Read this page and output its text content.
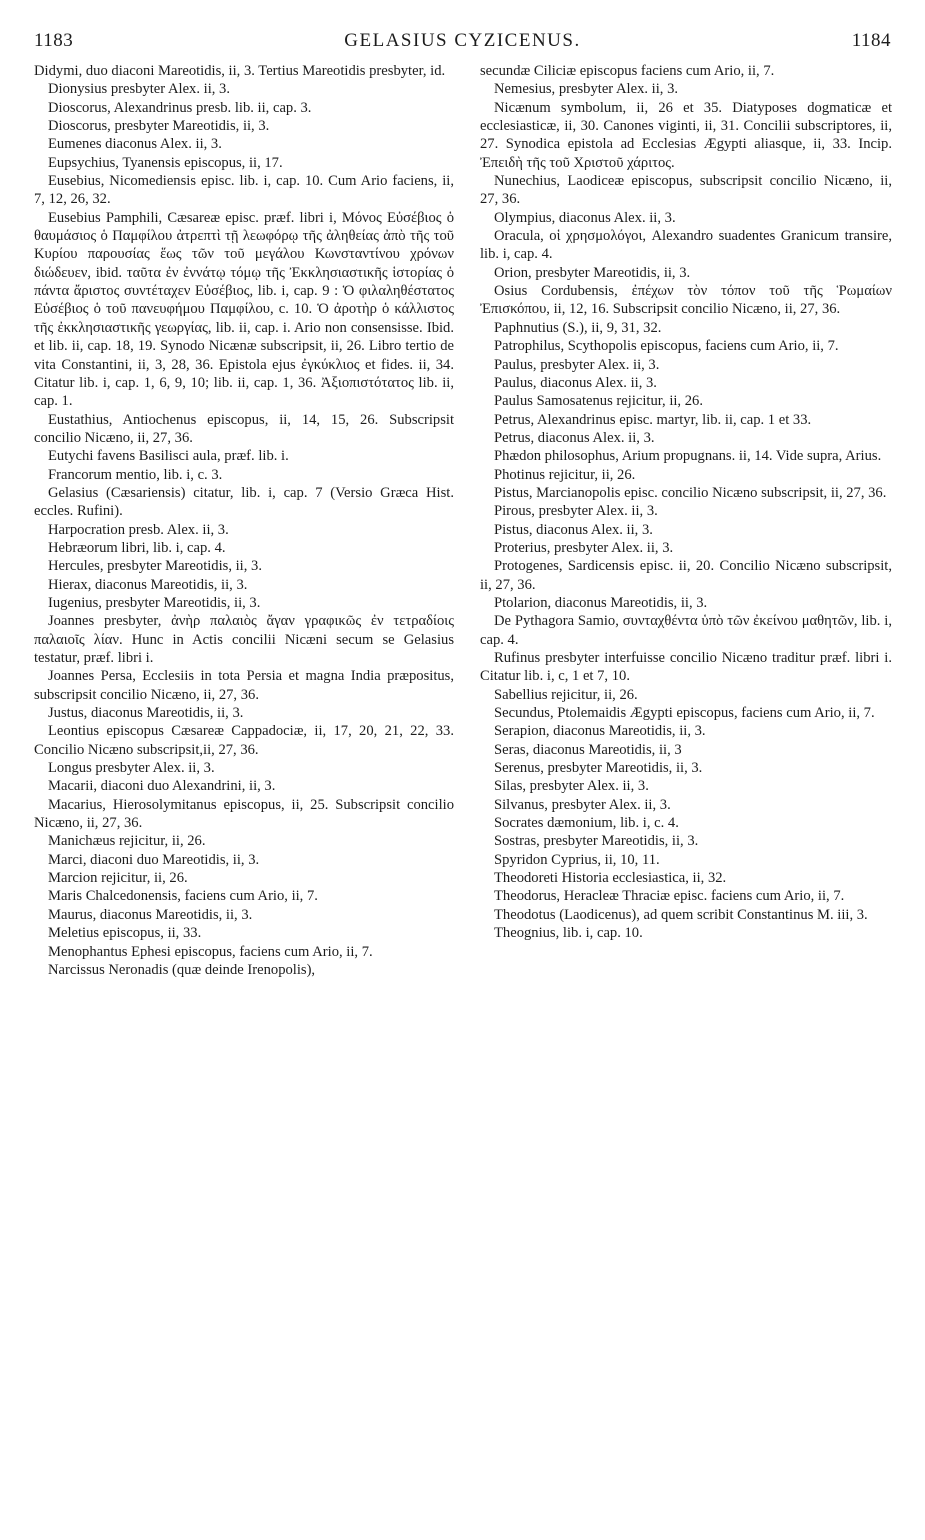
1183	GELASIUS CYZICENUS.	1184

Didymi, duo diaconi Mareotidis, ii, 3. Tertius Mareotidis presbyter, id.

Dionysius presbyter Alex. ii, 3.

Dioscorus, Alexandrinus presb. lib. ii, cap. 3.

Dioscorus, presbyter Mareotidis, ii, 3.

Eumenes diaconus Alex. ii, 3.

Eupsychius, Tyanensis episcopus, ii, 17.

Eusebius, Nicomediensis episc. lib. i, cap. 10. Cum Ario faciens, ii, 7, 12, 26, 32.

Eusebius Pamphili, Cæsareæ episc. præf. libri i, Μόνος Εὐσέβιος ὁ θαυμάσιος ὁ Παμφίλου ἀτρεπτὶ τῇ λεωφόρῳ τῆς ἀληθείας ἀπὸ τῆς τοῦ Κυρίου παρουσίας ἕως τῶν τοῦ μεγάλου Κωνσταντίνου χρόνων διώδευεν, ibid. ταῦτα ἐν ἐννάτῳ τόμῳ τῆς Ἐκκλησιαστικῆς ἱστορίας ὁ πάντα ἄριστος συντέταχεν Εὐσέβιος, lib. i, cap. 9 : Ὁ φιλαληθέστατος Εὐσέβιος ὁ τοῦ πανευφήμου Παμφίλου, c. 10. Ὁ ἀροτὴρ ὁ κάλλιστος τῆς ἐκκλησιαστικῆς γεωργίας, lib. ii, cap. i. Ario non consensisse. Ibid. et lib. ii, cap. 18, 19. Synodo Nicænæ subscripsit, ii, 26. Libro tertio de vita Constantini, ii, 3, 28, 36. Epistola ejus ἐγκύκλιος et fides. ii, 34. Citatur lib. i, cap. 1, 6, 9, 10; lib. ii, cap. 1, 36. Ἀξιοπιστότατος lib. ii, cap. 1.

Eustathius, Antiochenus episcopus, ii, 14, 15, 26. Subscripsit concilio Nicæno, ii, 27, 36.

Eutychi favens Basilisci aula, præf. lib. i.

Francorum mentio, lib. i, c. 3.

Gelasius (Cæsariensis) citatur, lib. i, cap. 7 (Versio Græca Hist. eccles. Rufini).

Harpocration presb. Alex. ii, 3.

Hebræorum libri, lib. i, cap. 4.

Hercules, presbyter Mareotidis, ii, 3.

Hierax, diaconus Mareotidis, ii, 3.

Iugenius, presbyter Mareotidis, ii, 3.

Joannes presbyter, ἀνὴρ παλαιὸς ἄγαν γραφικῶς ἐν τετραδίοις παλαιοῖς λίαν. Hunc in Actis concilii Nicæni secum se Gelasius testatur, præf. libri i.

Joannes Persa, Ecclesiis in tota Persia et magna India præpositus, subscripsit concilio Nicæno, ii, 27, 36.

Justus, diaconus Mareotidis, ii, 3.

Leontius episcopus Cæsareæ Cappadociæ, ii, 17, 20, 21, 22, 33. Concilio Nicæno subscripsit,ii, 27, 36.

Longus presbyter Alex. ii, 3.

Macarii, diaconi duo Alexandrini, ii, 3.

Macarius, Hierosolymitanus episcopus, ii, 25. Subscripsit concilio Nicæno, ii, 27, 36.

Manichæus rejicitur, ii, 26.

Marci, diaconi duo Mareotidis, ii, 3.

Marcion rejicitur, ii, 26.

Maris Chalcedonensis, faciens cum Ario, ii, 7.

Maurus, diaconus Mareotidis, ii, 3.

Meletius episcopus, ii, 33.

Menophantus Ephesi episcopus, faciens cum Ario, ii, 7.

Narcissus Neronadis (quæ deinde Irenopolis),

secundæ Ciliciæ episcopus faciens cum Ario, ii, 7.

Nemesius, presbyter Alex. ii, 3.

Nicænum symbolum, ii, 26 et 35. Diatyposes dogmaticæ et ecclesiasticæ, ii, 30. Canones viginti, ii, 31. Concilii subscriptores, ii, 27. Synodica epistola ad Ecclesias Ægypti aliasque, ii, 33. Incip. Ἐπειδὴ τῆς τοῦ Χριστοῦ χάριτος.

Nunechius, Laodiceæ episcopus, subscripsit concilio Nicæno, ii, 27, 36.

Olympius, diaconus Alex. ii, 3.

Oracula, οἱ χρησμολόγοι, Alexandro suadentes Granicum transire, lib. i, cap. 4.

Orion, presbyter Mareotidis, ii, 3.

Osius Cordubensis, ἐπέχων τὸν τόπον τοῦ τῆς Ῥωμαίων Ἐπισκόπου, ii, 12, 16. Subscripsit concilio Nicæno, ii, 27, 36.

Paphnutius (S.), ii, 9, 31, 32.

Patrophilus, Scythopolis episcopus, faciens cum Ario, ii, 7.

Paulus, presbyter Alex. ii, 3.

Paulus, diaconus Alex. ii, 3.

Paulus Samosatenus rejicitur, ii, 26.

Petrus, Alexandrinus episc. martyr, lib. ii, cap. 1 et 33.

Petrus, diaconus Alex. ii, 3.

Phædon philosophus, Arium propugnans. ii, 14. Vide supra, Arius.

Photinus rejicitur, ii, 26.

Pistus, Marcianopolis episc. concilio Nicæno subscripsit, ii, 27, 36.

Pirous, presbyter Alex. ii, 3.

Pistus, diaconus Alex. ii, 3.

Proterius, presbyter Alex. ii, 3.

Protogenes, Sardicensis episc. ii, 20. Concilio Nicæno subscripsit, ii, 27, 36.

Ptolarion, diaconus Mareotidis, ii, 3.

De Pythagora Samio, συνταχθέντα ὑπὸ τῶν ἐκείνου μαθητῶν, lib. i, cap. 4.

Rufinus presbyter interfuisse concilio Nicæno traditur præf. libri i. Citatur lib. i, c, 1 et 7, 10.

Sabellius rejicitur, ii, 26.

Secundus, Ptolemaidis Ægypti episcopus, faciens cum Ario, ii, 7.

Serapion, diaconus Mareotidis, ii, 3.

Seras, diaconus Mareotidis, ii, 3

Serenus, presbyter Mareotidis, ii, 3.

Silas, presbyter Alex. ii, 3.

Silvanus, presbyter Alex. ii, 3.

Socrates dæmonium, lib. i, c. 4.

Sostras, presbyter Mareotidis, ii, 3.

Spyridon Cyprius, ii, 10, 11.

Theodoreti Historia ecclesiastica, ii, 32.

Theodorus, Heracleæ Thraciæ episc. faciens cum Ario, ii, 7.

Theodotus (Laodicenus), ad quem scribit Constantinus M. iii, 3.

Theognius, lib. i, cap. 10.
